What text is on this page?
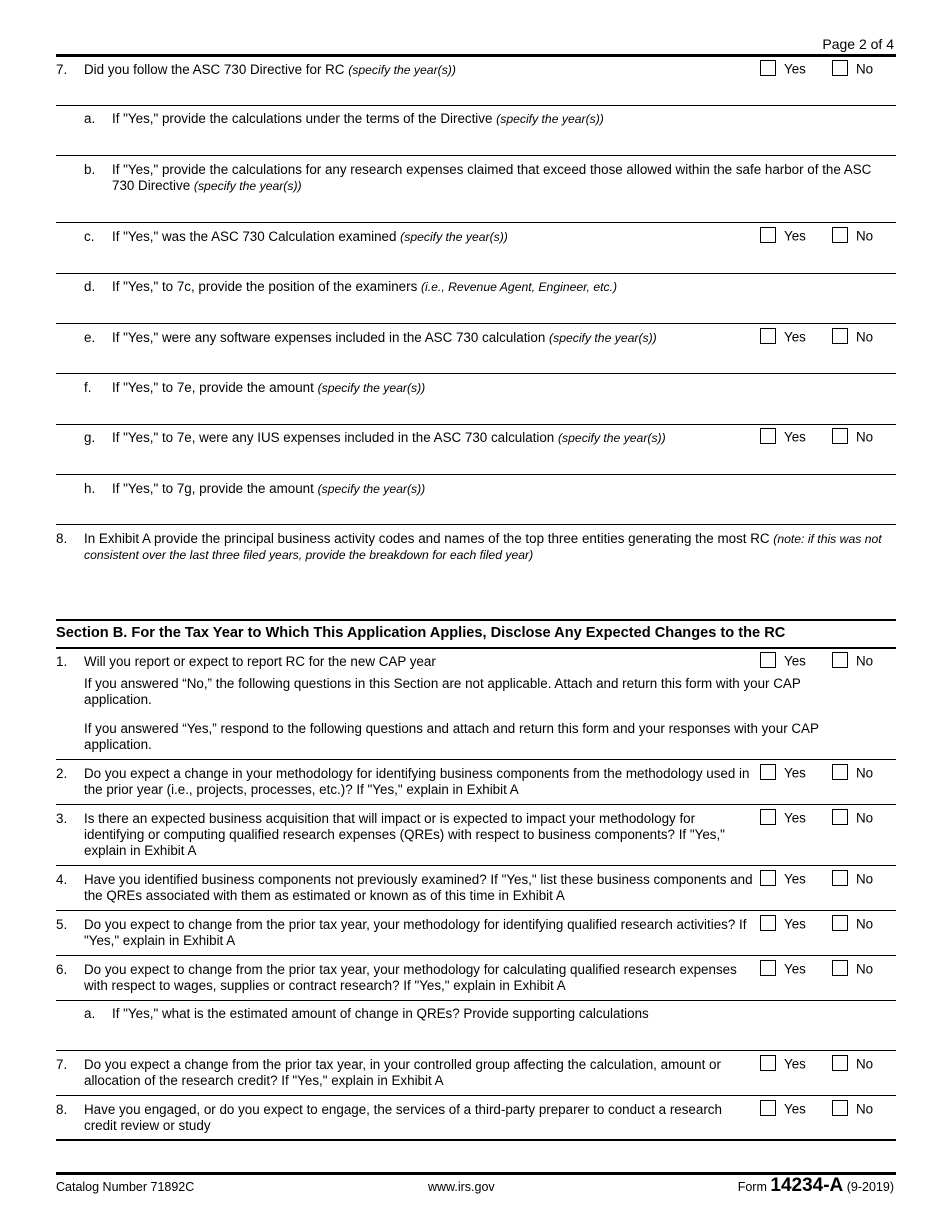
Page 2 of 4
7. Did you follow the ASC 730 Directive for RC (specify the year(s))	Yes	No
a. If "Yes," provide the calculations under the terms of the Directive (specify the year(s))
b. If "Yes," provide the calculations for any research expenses claimed that exceed those allowed within the safe harbor of the ASC 730 Directive (specify the year(s))
c. If "Yes," was the ASC 730 Calculation examined (specify the year(s))	Yes	No
d. If "Yes," to 7c, provide the position of the examiners (i.e., Revenue Agent, Engineer, etc.)
e. If "Yes," were any software expenses included in the ASC 730 calculation (specify the year(s))	Yes	No
f. If "Yes," to 7e, provide the amount (specify the year(s))
g. If "Yes," to 7e, were any IUS expenses included in the ASC 730 calculation (specify the year(s))	Yes	No
h. If "Yes," to 7g, provide the amount (specify the year(s))
8. In Exhibit A provide the principal business activity codes and names of the top three entities generating the most RC (note: if this was not consistent over the last three filed years, provide the breakdown for each filed year)
Section B. For the Tax Year to Which This Application Applies, Disclose Any Expected Changes to the RC
1. Will you report or expect to report RC for the new CAP year	Yes	No
If you answered “No,” the following questions in this Section are not applicable. Attach and return this form with your CAP application.
If you answered “Yes,” respond to the following questions and attach and return this form and your responses with your CAP application.
2. Do you expect a change in your methodology for identifying business components from the methodology used in the prior year (i.e., projects, processes, etc.)? If "Yes," explain in Exhibit A
Yes	No
3. Is there an expected business acquisition that will impact or is expected to impact your methodology for identifying or computing qualified research expenses (QREs) with respect to business components? If "Yes," explain in Exhibit A
Yes	No
4. Have you identified business components not previously examined? If "Yes," list these business components and the QREs associated with them as estimated or known as of this time in Exhibit A
Yes	No
5. Do you expect to change from the prior tax year, your methodology for identifying qualified research activities? If "Yes," explain in Exhibit A
Yes	No
6. Do you expect to change from the prior tax year, your methodology for calculating qualified research expenses with respect to wages, supplies or contract research? If "Yes," explain in Exhibit A
Yes	No
a. If "Yes," what is the estimated amount of change in QREs? Provide supporting calculations
7. Do you expect a change from the prior tax year, in your controlled group affecting the calculation, amount or allocation of the research credit? If "Yes," explain in Exhibit A
Yes	No
8. Have you engaged, or do you expect to engage, the services of a third-party preparer to conduct a research credit review or study
Yes	No
Catalog Number 71892C	www.irs.gov	Form 14234-A (9-2019)
